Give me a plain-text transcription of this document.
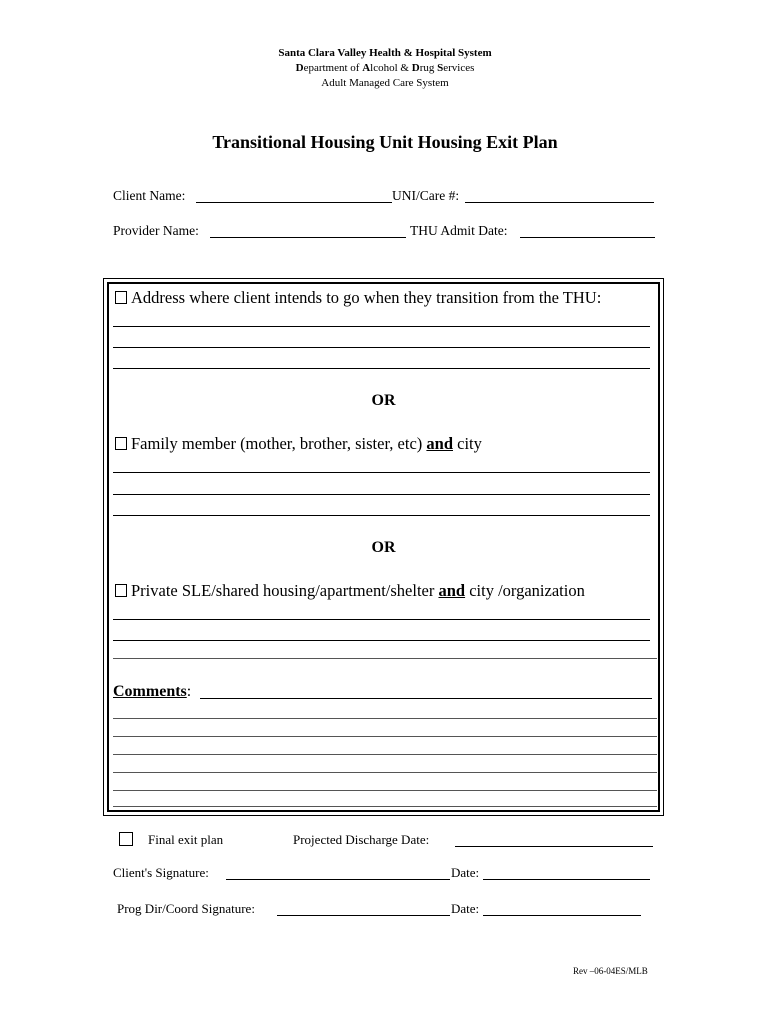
Santa Clara Valley Health & Hospital System
Department of Alcohol & Drug Services
Adult Managed Care System
Transitional Housing Unit Housing Exit Plan
Client Name:	UNI/Care #:
Provider Name:	THU Admit Date:
Address where client intends to go when they transition from the THU:
OR
Family member (mother, brother, sister, etc) and city
OR
Private SLE/shared housing/apartment/shelter and city /organization
Comments:
Final exit plan	Projected Discharge Date:
Client's Signature:	Date:
Prog Dir/Coord Signature:	Date:
Rev –06-04ES/MLB
